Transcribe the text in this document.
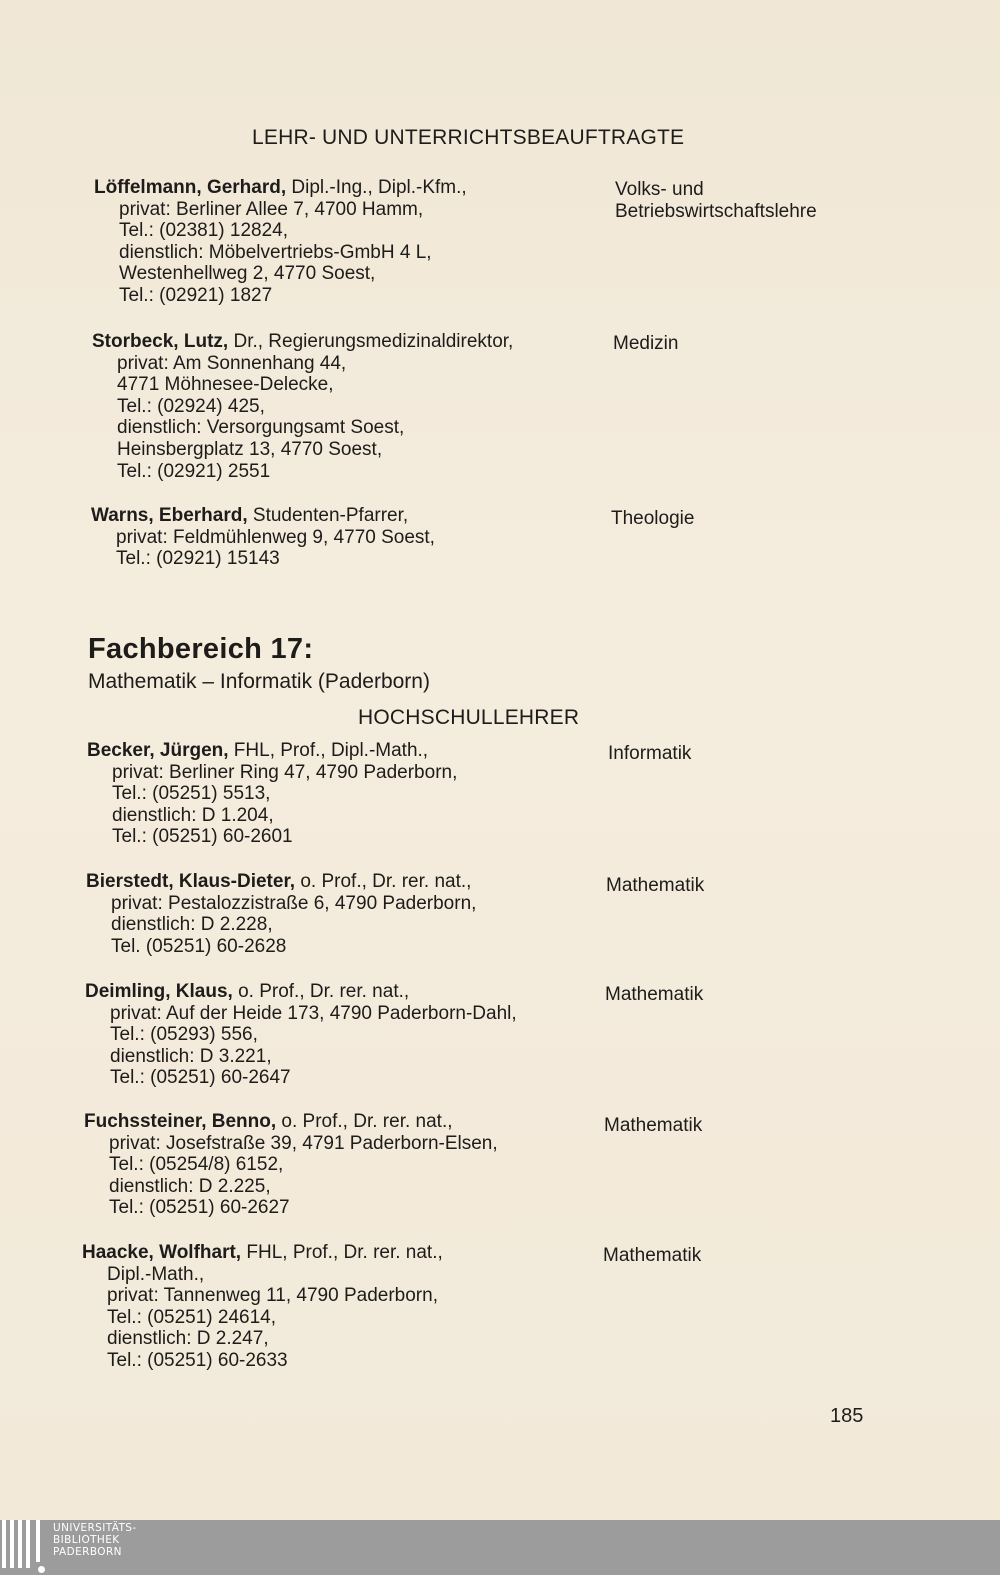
LEHR- UND UNTERRICHTSBEAUFTRAGTE
Löffelmann, Gerhard, Dipl.-Ing., Dipl.-Kfm.,
privat: Berliner Allee 7, 4700 Hamm,
Tel.: (02381) 12824,
dienstlich: Möbelvertriebs-GmbH 4 L,
Westenhellweg 2, 4770 Soest,
Tel.: (02921) 1827
Volks- und
Betriebswirtschaftslehre
Storbeck, Lutz, Dr., Regierungsmedizinaldirektor,
privat: Am Sonnenhang 44,
4771 Möhnesee-Delecke,
Tel.: (02924) 425,
dienstlich: Versorgungsamt Soest,
Heinsbergplatz 13, 4770 Soest,
Tel.: (02921) 2551
Medizin
Warns, Eberhard, Studenten-Pfarrer,
privat: Feldmühlenweg 9, 4770 Soest,
Tel.: (02921) 15143
Theologie
Fachbereich 17:
Mathematik – Informatik (Paderborn)
HOCHSCHULLEHRER
Becker, Jürgen, FHL, Prof., Dipl.-Math.,
privat: Berliner Ring 47, 4790 Paderborn,
Tel.: (05251) 5513,
dienstlich: D 1.204,
Tel.: (05251) 60-2601
Informatik
Bierstedt, Klaus-Dieter, o. Prof., Dr. rer. nat.,
privat: Pestalozzistraße 6, 4790 Paderborn,
dienstlich: D 2.228,
Tel. (05251) 60-2628
Mathematik
Deimling, Klaus, o. Prof., Dr. rer. nat.,
privat: Auf der Heide 173, 4790 Paderborn-Dahl,
Tel.: (05293) 556,
dienstlich: D 3.221,
Tel.: (05251) 60-2647
Mathematik
Fuchssteiner, Benno, o. Prof., Dr. rer. nat.,
privat: Josefstraße 39, 4791 Paderborn-Elsen,
Tel.: (05254/8) 6152,
dienstlich: D 2.225,
Tel.: (05251) 60-2627
Mathematik
Haacke, Wolfhart, FHL, Prof., Dr. rer. nat.,
Dipl.-Math.,
privat: Tannenweg 11, 4790 Paderborn,
Tel.: (05251) 24614,
dienstlich: D 2.247,
Tel.: (05251) 60-2633
Mathematik
185
UNIVERSITÄTS-
BIBLIOTHEK
PADERBORN
